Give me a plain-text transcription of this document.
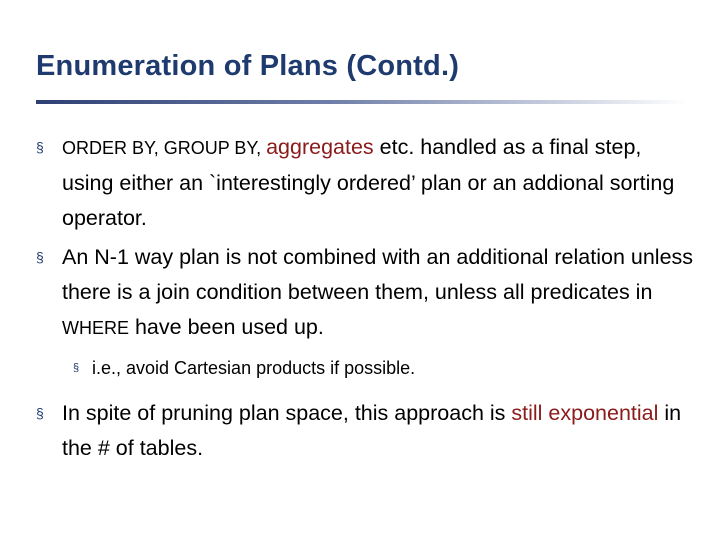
Enumeration of Plans (Contd.)
§ ORDER BY, GROUP BY, aggregates etc. handled as a final step, using either an `interestingly ordered’ plan or an addional sorting operator.
§ An N-1 way plan is not combined with an additional relation unless there is a join condition between them, unless all predicates in WHERE have been used up.
§ i.e., avoid Cartesian products if possible.
§ In spite of pruning plan space, this approach is still exponential in the # of tables.
